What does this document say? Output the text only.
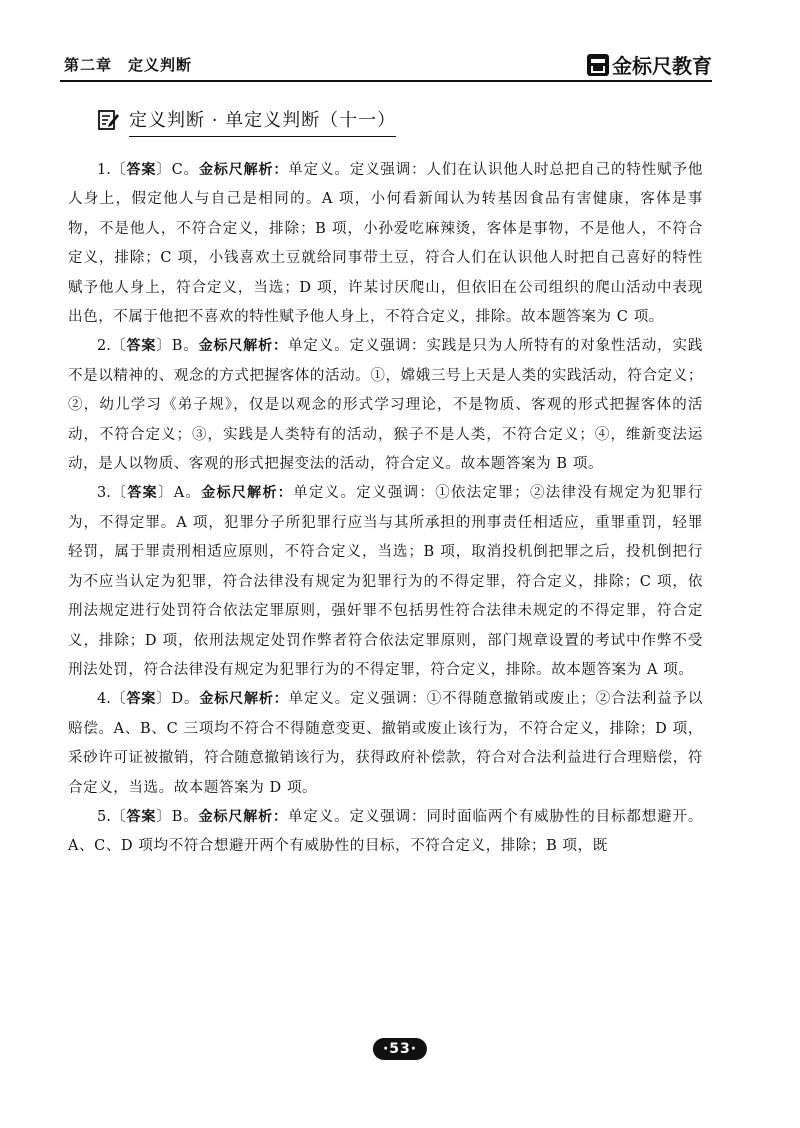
第二章　定义判断	金标尺教育
定义判断 · 单定义判断（十一）

1.〔答案〕C。金标尺解析：单定义。定义强调：人们在认识他人时总把自己的特性赋予他人身上，假定他人与自己是相同的。A 项，小何看新闻认为转基因食品有害健康，客体是事物，不是他人，不符合定义，排除；B 项，小孙爱吃麻辣烫，客体是事物，不是他人，不符合定义，排除；C 项，小钱喜欢土豆就给同事带土豆，符合人们在认识他人时把自己喜好的特性赋予他人身上，符合定义，当选；D 项，许某讨厌爬山，但依旧在公司组织的爬山活动中表现出色，不属于他把不喜欢的特性赋予他人身上，不符合定义，排除。故本题答案为 C 项。

2.〔答案〕B。金标尺解析：单定义。定义强调：实践是只为人所特有的对象性活动，实践不是以精神的、观念的方式把握客体的活动。①，嫦娥三号上天是人类的实践活动，符合定义；②，幼儿学习《弟子规》，仅是以观念的形式学习理论，不是物质、客观的形式把握客体的活动，不符合定义；③，实践是人类特有的活动，猴子不是人类，不符合定义；④，维新变法运动，是人以物质、客观的形式把握变法的活动，符合定义。故本题答案为 B 项。

3.〔答案〕A。金标尺解析：单定义。定义强调：①依法定罪；②法律没有规定为犯罪行为，不得定罪。A 项，犯罪分子所犯罪行应当与其所承担的刑事责任相适应，重罪重罚，轻罪轻罚，属于罪责刑相适应原则，不符合定义，当选；B 项，取消投机倒把罪之后，投机倒把行为不应当认定为犯罪，符合法律没有规定为犯罪行为的不得定罪，符合定义，排除；C 项，依刑法规定进行处罚符合依法定罪原则，强奸罪不包括男性符合法律未规定的不得定罪，符合定义，排除；D 项，依刑法规定处罚作弊者符合依法定罪原则，部门规章设置的考试中作弊不受刑法处罚，符合法律没有规定为犯罪行为的不得定罪，符合定义，排除。故本题答案为 A 项。

4.〔答案〕D。金标尺解析：单定义。定义强调：①不得随意撤销或废止；②合法利益予以赔偿。A、B、C 三项均不符合不得随意变更、撤销或废止该行为，不符合定义，排除；D 项，采砂许可证被撤销，符合随意撤销该行为，获得政府补偿款，符合对合法利益进行合理赔偿，符合定义，当选。故本题答案为 D 项。

5.〔答案〕B。金标尺解析：单定义。定义强调：同时面临两个有威胁性的目标都想避开。A、C、D 项均不符合想避开两个有威胁性的目标，不符合定义，排除；B 项，既

·53·
